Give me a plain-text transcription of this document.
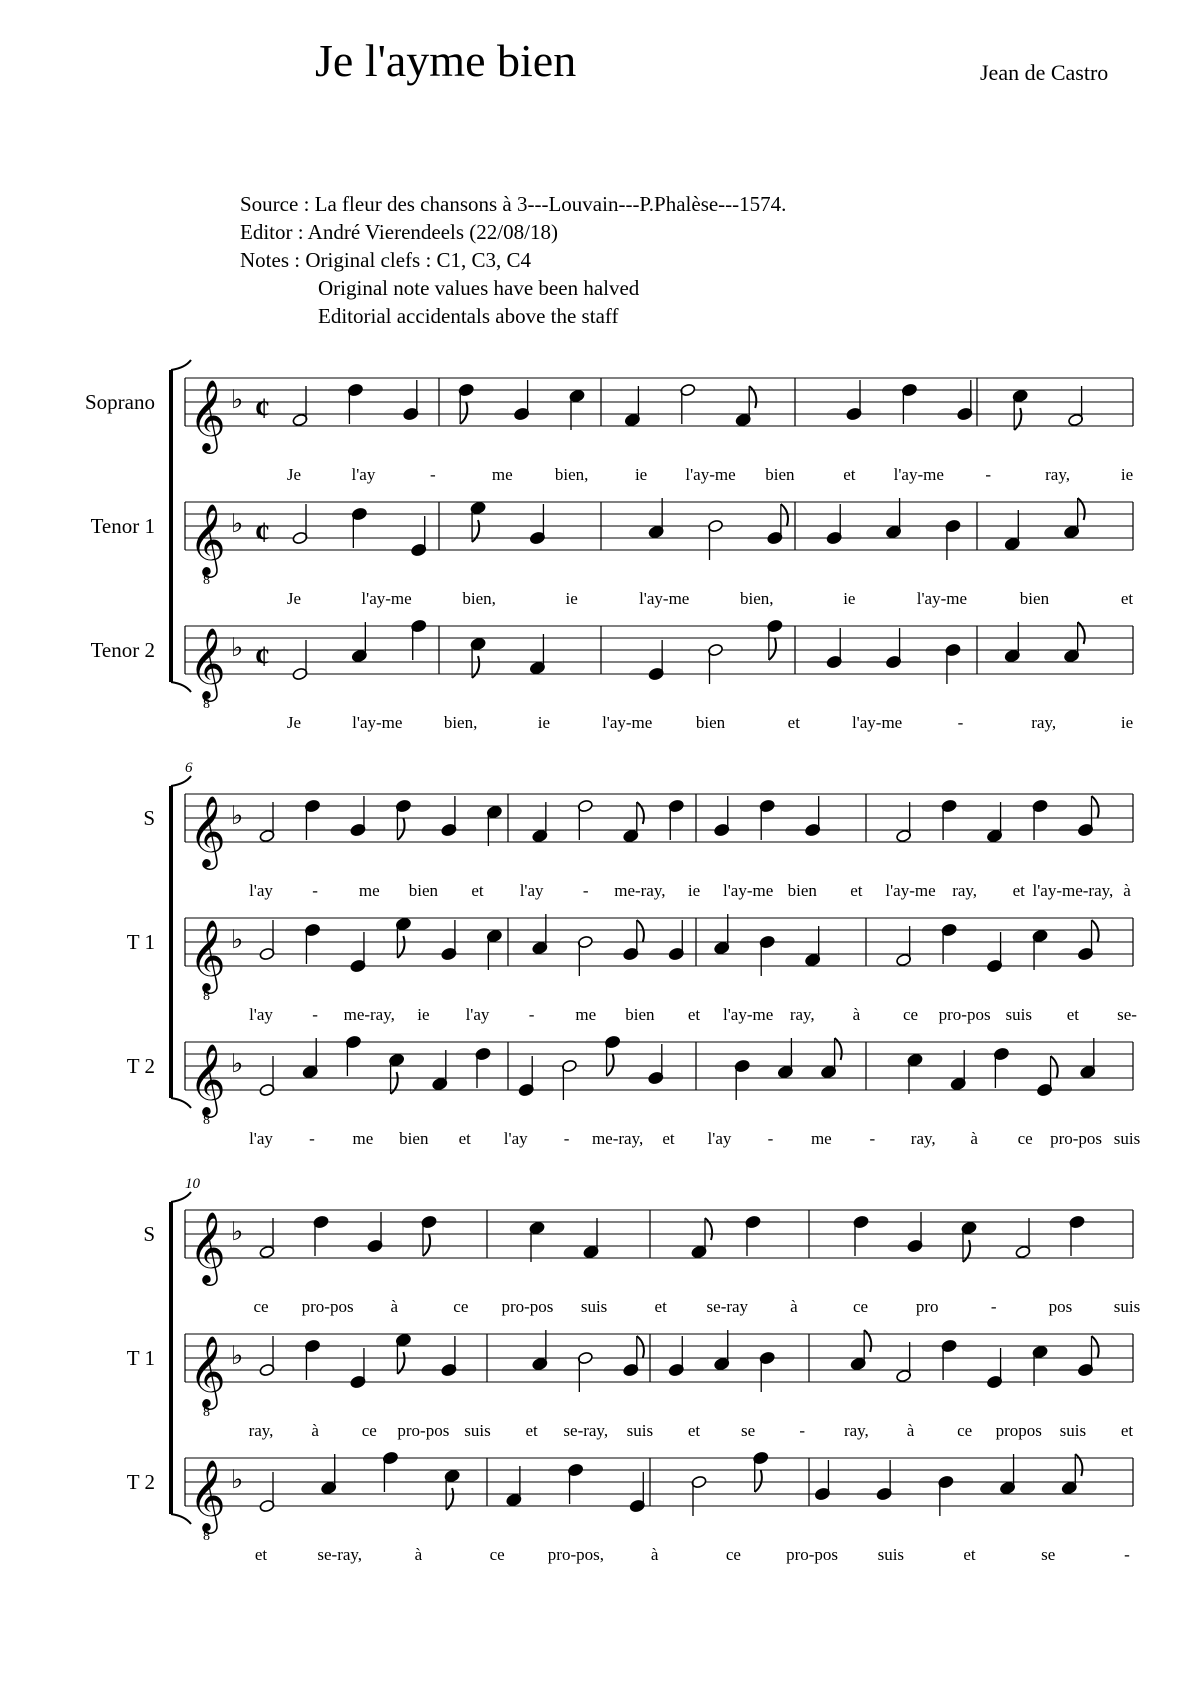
Je l'ayme bien	Jean de Castro
Source : La fleur des chansons à 3---Louvain---P.Phalèse---1574.
Editor : André Vierendeels (22/08/18)
Notes : Original clefs : C1, C3, C4
Original note values have been halved
Editorial accidentals above the staff
Soprano 𝄞 ♭ ¢
Je	l'ay	-	me bien,	ie l'ay-me bien	et l'ay-me -	ray,	ie
Tenor 1 𝄞
8
♭ ¢
Je	l'ay-me	bien,	ie	l'ay-me	bien,	ie	l'ay-me	bien	et
Tenor 2 𝄞
8
♭ ¢
Je	l'ay-me bien,	ie	l'ay-me	bien	et	l'ay-me	-	ray,	ie
6
S 𝄞 ♭
l'ay - me bien et l'ay - me-ray, ie l'ay-me bien et l'ay-me ray, et l'ay-me-ray, à
T 1 𝄞
8
♭
l'ay - me-ray, ie l'ay - me bien et l'ay-me ray, à	ce pro-pos suis et se-
T 2 𝄞
8
♭
l'ay - me bien et l'ay - me-ray, et l'ay - me - ray, à ce pro-pos suis
10
S 𝄞 ♭
ce pro-pos à	ce pro-pos suis	et se-ray à	ce	pro	-	pos suis
T 1 𝄞
8
♭
ray, à	ce pro-pos suis et se-ray, suis et se	- ray, à	ce propos suis et
T 2 𝄞
8
♭
et	se-ray,	à	ce	pro-pos,	à	ce	pro-pos suis	et	se	-
